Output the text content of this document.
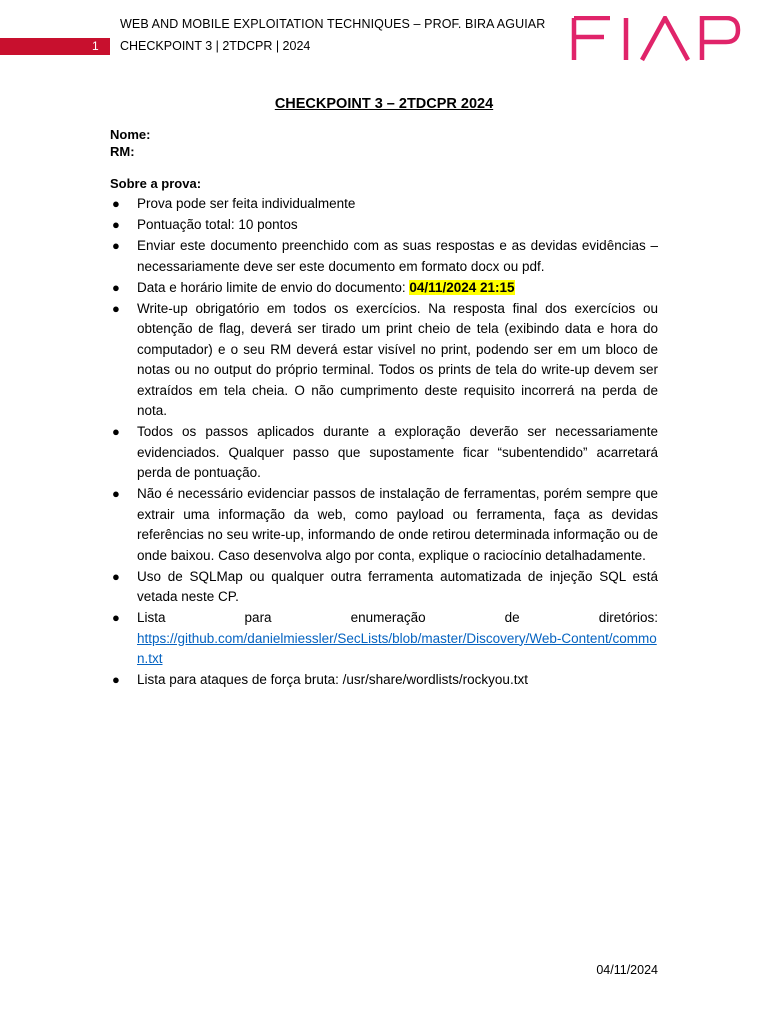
WEB AND MOBILE EXPLOITATION TECHNIQUES – PROF. BIRA AGUIAR
1 CHECKPOINT 3 | 2TDCPR | 2024
CHECKPOINT 3 – 2TDCPR 2024
Nome:
RM:
Sobre a prova:
● Prova pode ser feita individualmente
● Pontuação total: 10 pontos
● Enviar este documento preenchido com as suas respostas e as devidas evidências – necessariamente deve ser este documento em formato docx ou pdf.
● Data e horário limite de envio do documento: 04/11/2024 21:15
● Write-up obrigatório em todos os exercícios. Na resposta final dos exercícios ou obtenção de flag, deverá ser tirado um print cheio de tela (exibindo data e hora do computador) e o seu RM deverá estar visível no print, podendo ser em um bloco de notas ou no output do próprio terminal. Todos os prints de tela do write-up devem ser extraídos em tela cheia. O não cumprimento deste requisito incorrerá na perda de nota.
● Todos os passos aplicados durante a exploração deverão ser necessariamente evidenciados. Qualquer passo que supostamente ficar “subentendido” acarretará perda de pontuação.
● Não é necessário evidenciar passos de instalação de ferramentas, porém sempre que extrair uma informação da web, como payload ou ferramenta, faça as devidas referências no seu write-up, informando de onde retirou determinada informação ou de onde baixou. Caso desenvolva algo por conta, explique o raciocínio detalhadamente.
● Uso de SQLMap ou qualquer outra ferramenta automatizada de injeção SQL está vetada neste CP.
● Lista	para	enumeração	de	diretórios:
https://github.com/danielmiessler/SecLists/blob/master/Discovery/Web-Content/common.txt
● Lista para ataques de força bruta: /usr/share/wordlists/rockyou.txt
04/11/2024
